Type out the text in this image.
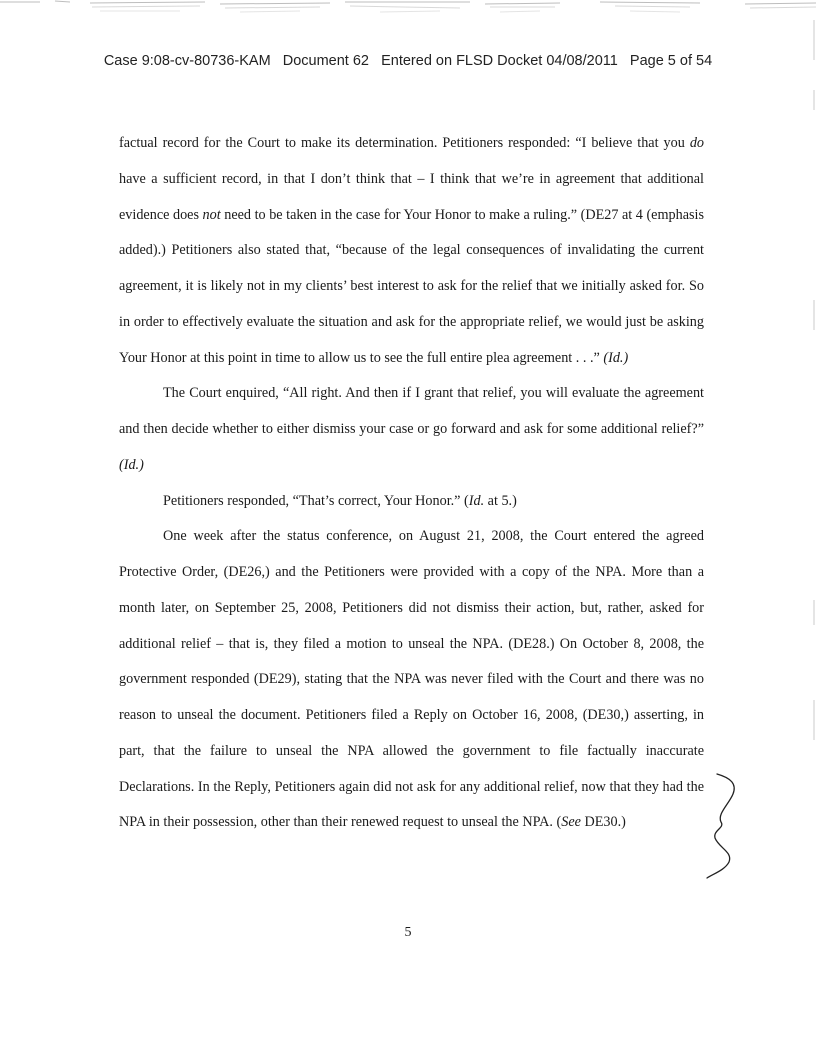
Case 9:08-cv-80736-KAM Document 62 Entered on FLSD Docket 04/08/2011 Page 5 of 54

factual record for the Court to make its determination. Petitioners responded: “I believe that you do have a sufficient record, in that I don’t think that – I think that we’re in agreement that additional evidence does not need to be taken in the case for Your Honor to make a ruling.” (DE27 at 4 (emphasis added).) Petitioners also stated that, “because of the legal consequences of invalidating the current agreement, it is likely not in my clients’ best interest to ask for the relief that we initially asked for. So in order to effectively evaluate the situation and ask for the appropriate relief, we would just be asking Your Honor at this point in time to allow us to see the full entire plea agreement . . .” (Id.)

The Court enquired, “All right. And then if I grant that relief, you will evaluate the agreement and then decide whether to either dismiss your case or go forward and ask for some additional relief?” (Id.)

Petitioners responded, “That’s correct, Your Honor.” (Id. at 5.)

One week after the status conference, on August 21, 2008, the Court entered the agreed Protective Order, (DE26,) and the Petitioners were provided with a copy of the NPA. More than a month later, on September 25, 2008, Petitioners did not dismiss their action, but, rather, asked for additional relief – that is, they filed a motion to unseal the NPA. (DE28.) On October 8, 2008, the government responded (DE29), stating that the NPA was never filed with the Court and there was no reason to unseal the document. Petitioners filed a Reply on October 16, 2008, (DE30,) asserting, in part, that the failure to unseal the NPA allowed the government to file factually inaccurate Declarations. In the Reply, Petitioners again did not ask for any additional relief, now that they had the NPA in their possession, other than their renewed request to unseal the NPA. (See DE30.)

5
